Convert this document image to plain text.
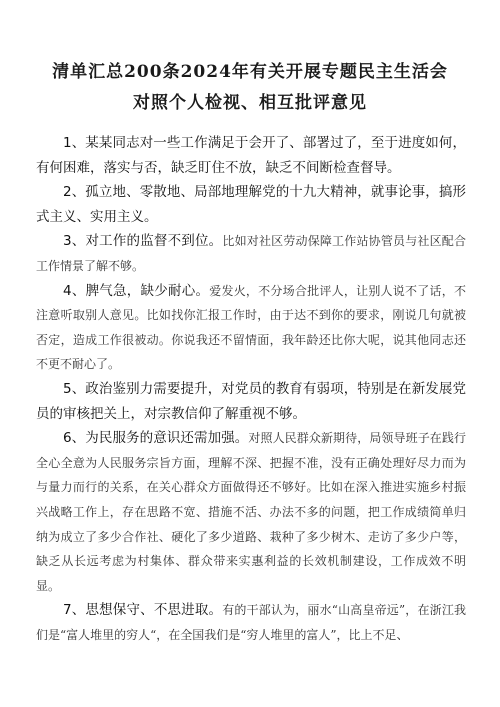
清单汇总200条2024年有关开展专题民主生活会
对照个人检视、相互批评意见

1、某某同志对一些工作满足于会开了、部署过了，至于进度如何，有何困难，落实与否，缺乏盯住不放，缺乏不间断检查督导。

2、孤立地、零散地、局部地理解党的十九大精神，就事论事，搞形式主义、实用主义。

3、对工作的监督不到位。比如对社区劳动保障工作站协管员与社区配合工作情景了解不够。

4、脾气急，缺少耐心。爱发火，不分场合批评人，让别人说不了话，不注意听取别人意见。比如找你汇报工作时，由于达不到你的要求，刚说几句就被否定，造成工作很被动。你说我还不留情面，我年龄还比你大呢，说其他同志还不更不耐心了。

5、政治鉴别力需要提升，对党员的教育有弱项，特别是在新发展党员的审核把关上，对宗教信仰了解重视不够。

6、为民服务的意识还需加强。对照人民群众新期待，局领导班子在践行全心全意为人民服务宗旨方面，理解不深、把握不准，没有正确处理好尽力而为与量力而行的关系，在关心群众方面做得还不够好。比如在深入推进实施乡村振兴战略工作上，存在思路不宽、措施不活、办法不多的问题，把工作成绩简单归纳为成立了多少合作社、硬化了多少道路、栽种了多少树木、走访了多少户等，缺乏从长远考虑为村集体、群众带来实惠利益的长效机制建设，工作成效不明显。

7、思想保守、不思进取。有的干部认为，丽水“山高皇帝远”，在浙江我们是“富人堆里的穷人“，在全国我们是“穷人堆里的富人”，比上不足、
